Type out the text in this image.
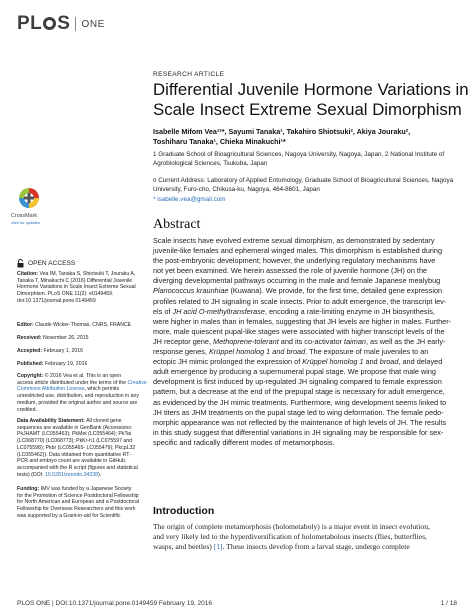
PL S ONE
RESEARCH ARTICLE
Differential Juvenile Hormone Variations in
Scale Insect Extreme Sexual Dimorphism
Isabelle Mifom Vea¹²*, Sayumi Tanaka¹, Takahiro Shiotsuki², Akiya Jouraku²,
Toshiharu Tanaka¹, Chieka Minakuchi¹*
1 Graduate School of Bioagricultural Sciences, Nagoya University, Nagoya, Japan, 2 National Institute of
Agrobiological Sciences, Tsukuba, Japan
¤ Current Address: Laboratory of Applied Entomology, Graduate School of Bioagricultural Sciences, Nagoya
University, Furo-cho, Chikusa-ku, Nagoya, 464-8601, Japan
* isabelle.vea@gmail.com
CrossMark
click for updates
OPEN ACCESS
Citation: Vea IM, Tanaka S, Shiotsuki T, Jouraku A,
Tanaka T, Minakuchi C (2016) Differential Juvenile
Hormone Variations in Scale Insect Extreme Sexual
Dimorphism. PLoS ONE 11(2): e0149459.
doi:10.1371/journal.pone.0149459
Editor: Claude Wicker-Thomas, CNRS, FRANCE
Received: November 26, 2015
Accepted: February 1, 2016
Published: February 19, 2016
Copyright: © 2016 Vea et al. This is an open
access article distributed under the terms of the Creative
Commons Attribution License, which permits
unrestricted use, distribution, and reproduction in any
medium, provided the original author and source are
credited.
Data Availability Statement: All cloned gene
sequences are available in GenBank (Accessions:
PkJHAMT (LC055463); PkMet (LC055464); PkTai
(LC068770) (LC068773); PkKr-h1 (LC075597 and
LC075598); Pkbr (LC055465- LC055479); PkcpL32
(LC055462)). Data obtained from quantitative RT-
PCR and embryo count are available in GitHub,
accompanied with the R script (figures and statistical
tests) (DOI: 10.5281/zenodo.34238).
Funding: IMV was funded by a Japanese Society
for the Promotion of Science Postdoctoral Fellowship
for North American and European and a Postdoctoral
Fellowship for Overseas Researchers and this work
was supported by a Grant-in-aid for Scientific
Abstract
Scale insects have evolved extreme sexual dimorphism, as demonstrated by sedentary
juvenile-like females and ephemeral winged males. This dimorphism is established during
the post-embryonic development; however, the underlying regulatory mechanisms have
not yet been examined. We herein assessed the role of juvenile hormone (JH) on the
diverging developmental pathways occurring in the male and female Japanese mealybug
Planococcus kraunhiae (Kuwana). We provide, for the first time, detailed gene expression
profiles related to JH signaling in scale insects. Prior to adult emergence, the transcript lev-
els of JH acid O-methyltransferase, encoding a rate-limiting enzyme in JH biosynthesis,
were higher in males than in females, suggesting that JH levels are higher in males. Further-
more, male quiescent pupal-like stages were associated with higher transcript levels of the
JH receptor gene, Methoprene-tolerant and its co-activator taiman, as well as the JH early-
response genes, Krüppel homolog 1 and broad. The exposure of male juveniles to an
ectopic JH mimic prolonged the expression of Krüppel homolog 1 and broad, and delayed
adult emergence by producing a supernumeral pupal stage. We propose that male wing
development is first induced by up-regulated JH signaling compared to female expression
pattern, but a decrease at the end of the prepupal stage is necessary for adult emergence,
as evidenced by the JH mimic treatments. Furthermore, wing development seems linked to
JH titers as JHM treatments on the pupal stage led to wing deformation. The female pedo-
morphic appearance was not reflected by the maintenance of high levels of JH. The results
in this study suggest that differential variations in JH signaling may be responsible for sex-
specific and radically different modes of metamorphosis.
Introduction
The origin of complete metamorphosis (holometaboly) is a major event in insect evolution,
and very likely led to the hyperdiversification of holometabolous insects (flies, butterflies,
wasps, and beetles) [1]. These insects develop from a larval stage, undergo complete
PLOS ONE | DOI:10.1371/journal.pone.0149459 February 19, 2016	1 / 18
